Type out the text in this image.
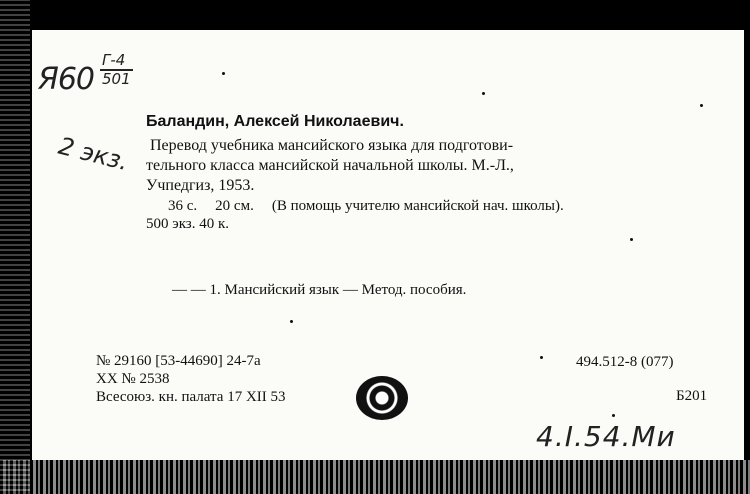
Я60
Г-4
501
2 экз.
Баландин, Алексей Николаевич.
Перевод учебника мансийского языка для подготови-
тельного класса мансийской начальной школы. М.-Л.,
Учпедгиз, 1953.
36 с. 20 см. (В помощь учителю мансийской нач. школы).
500 экз. 40 к.
— — 1. Мансийский язык — Метод. пособия.
№ 29160 [53-44690] 24-7а
XX № 2538
Всесоюз. кн. палата 17 XII 53
494.512-8 (077)
Б201
4.I.54.Ми
